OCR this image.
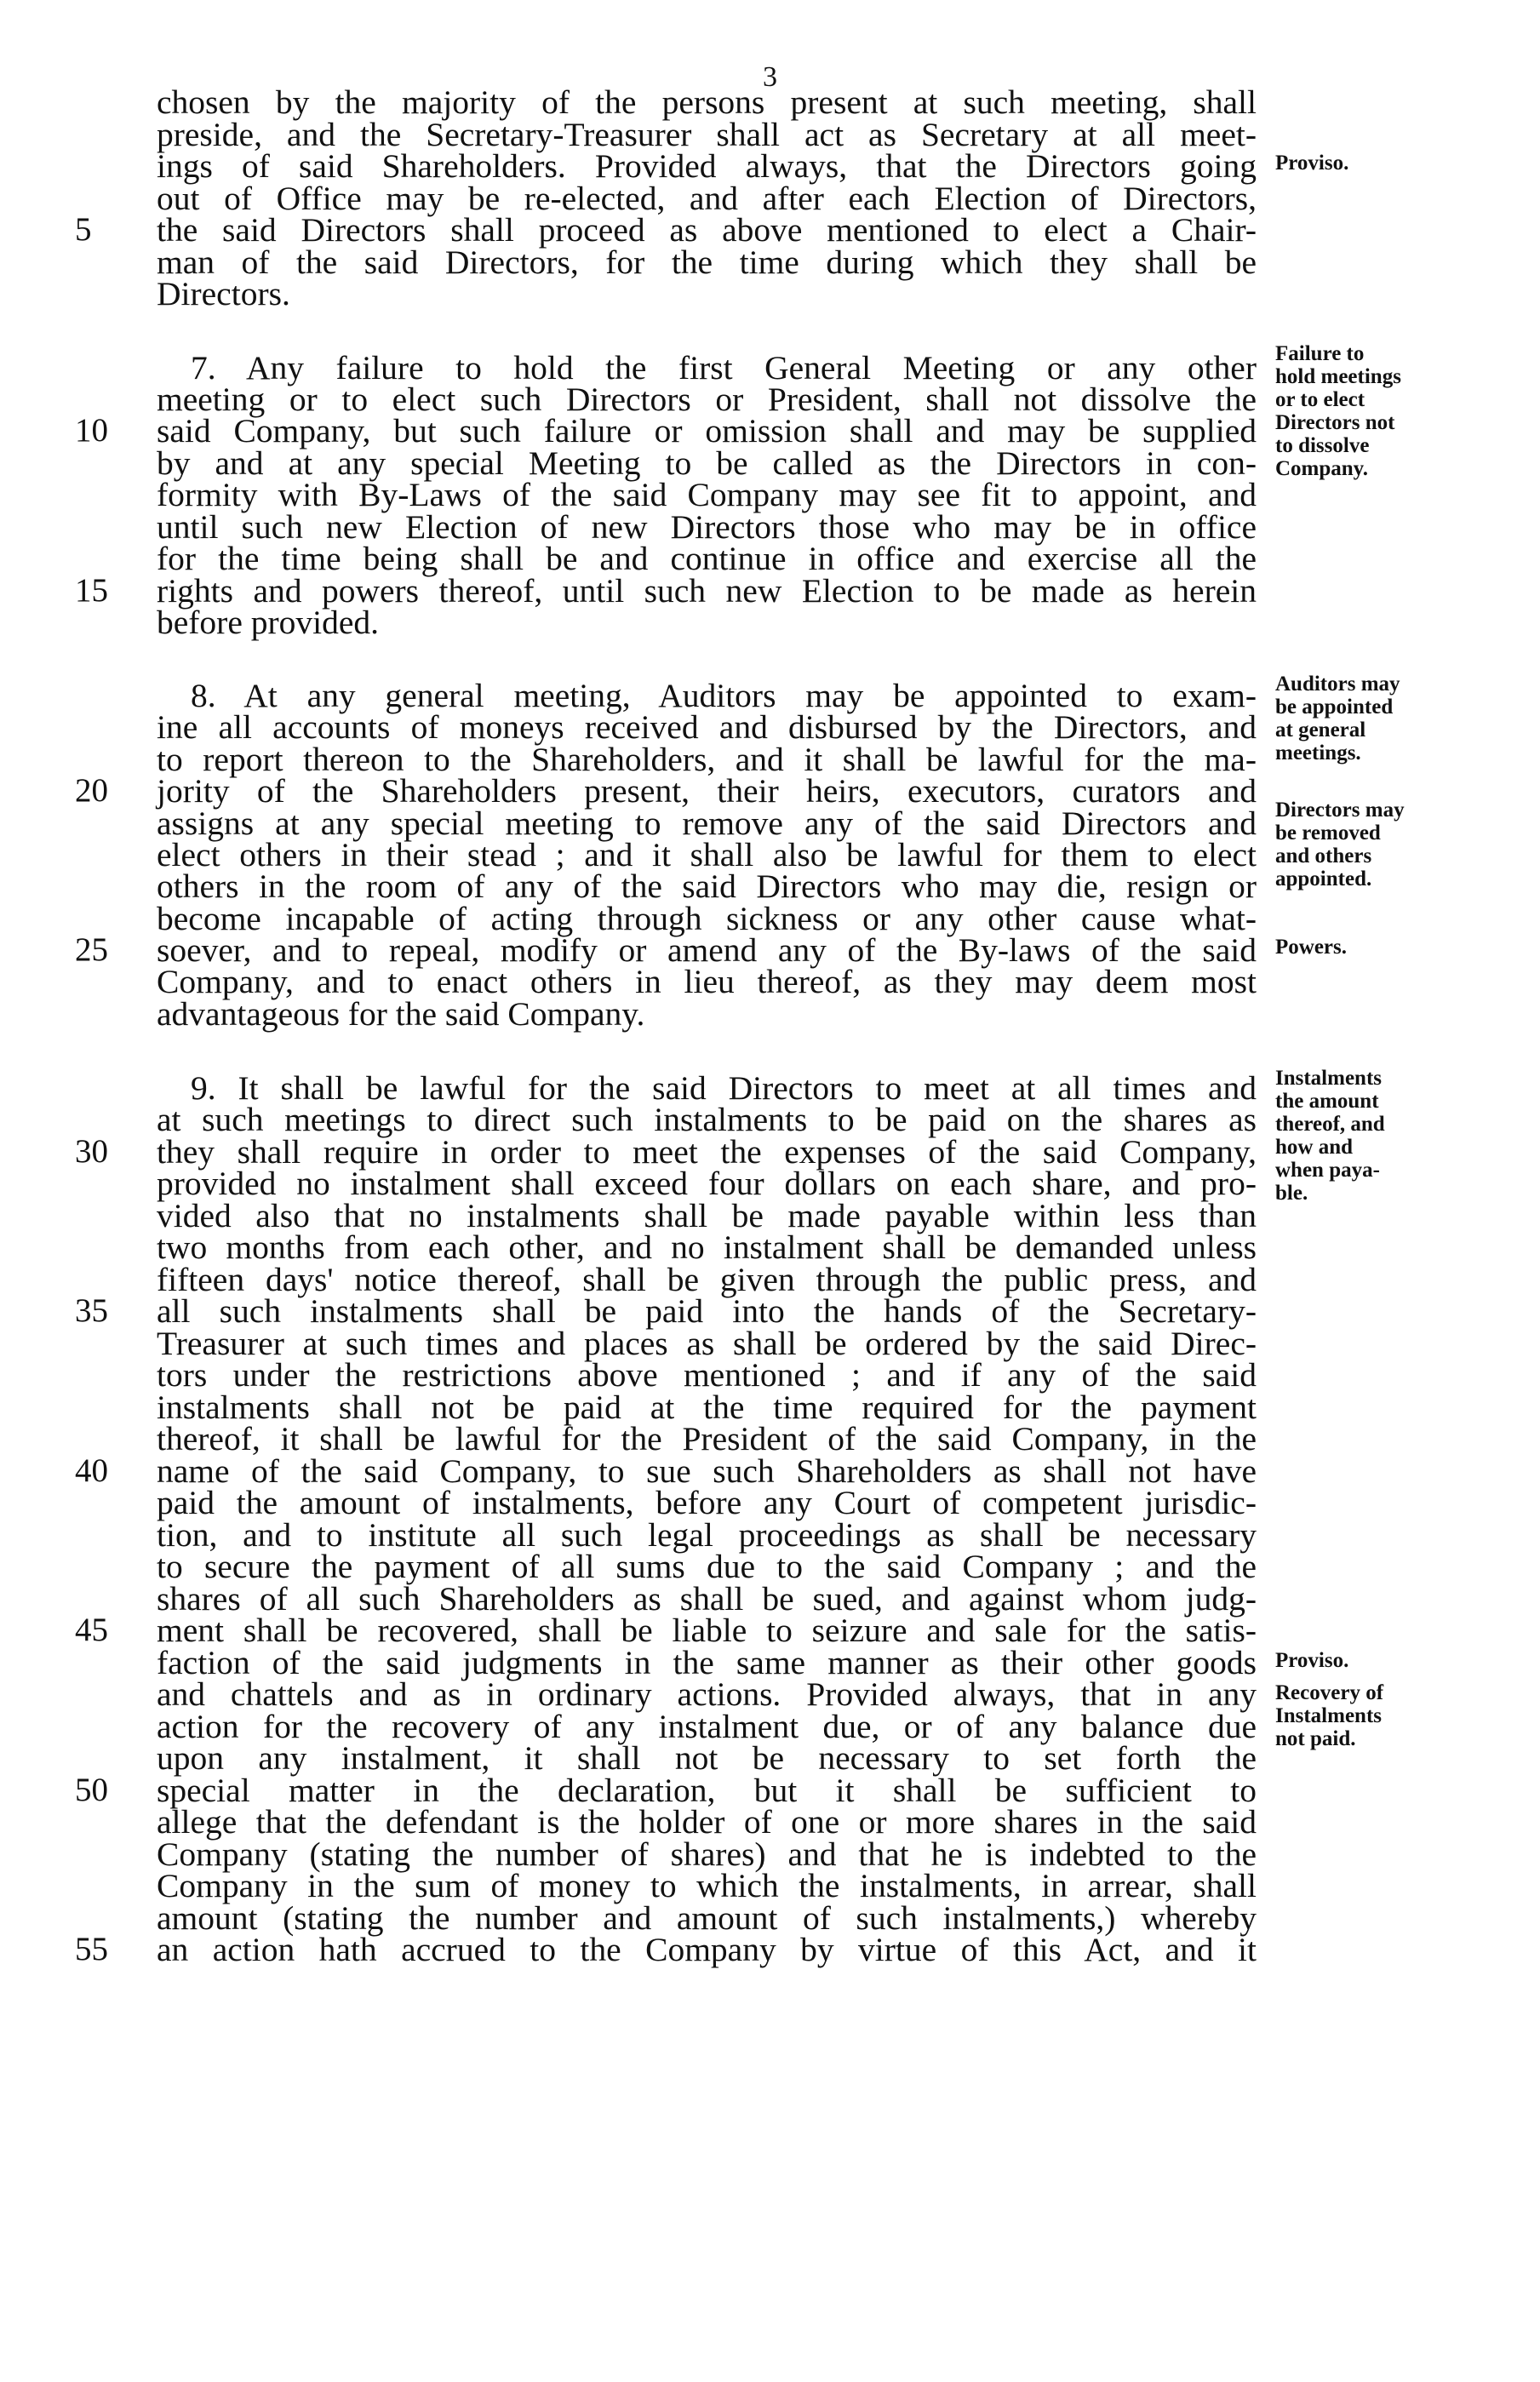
3
chosen by the majority of the persons present at such meeting, shall
preside, and the Secretary-Treasurer shall act as Secretary at all meet-
ings of said Shareholders. Provided always, that the Directors going
out of Office may be re-elected, and after each Election of Directors,
the said Directors shall proceed as above mentioned to elect a Chair-
man of the said Directors, for the time during which they shall be
Directors.
7. Any failure to hold the first General Meeting or any other
meeting or to elect such Directors or President, shall not dissolve the
said Company, but such failure or omission shall and may be supplied
by and at any special Meeting to be called as the Directors in con-
formity with By-Laws of the said Company may see fit to appoint, and
until such new Election of new Directors those who may be in office
for the time being shall be and continue in office and exercise all the
rights and powers thereof, until such new Election to be made as herein
before provided.
8. At any general meeting, Auditors may be appointed to exam-
ine all accounts of moneys received and disbursed by the Directors, and
to report thereon to the Shareholders, and it shall be lawful for the ma-
jority of the Shareholders present, their heirs, executors, curators and
assigns at any special meeting to remove any of the said Directors and
elect others in their stead ; and it shall also be lawful for them to elect
others in the room of any of the said Directors who may die, resign or
become incapable of acting through sickness or any other cause what-
soever, and to repeal, modify or amend any of the By-laws of the said
Company, and to enact others in lieu thereof, as they may deem most
advantageous for the said Company.
9. It shall be lawful for the said Directors to meet at all times and
at such meetings to direct such instalments to be paid on the shares as
they shall require in order to meet the expenses of the said Company,
provided no instalment shall exceed four dollars on each share, and pro-
vided also that no instalments shall be made payable within less than
two months from each other, and no instalment shall be demanded unless
fifteen days' notice thereof, shall be given through the public press, and
all such instalments shall be paid into the hands of the Secretary-
Treasurer at such times and places as shall be ordered by the said Direc-
tors under the restrictions above mentioned ; and if any of the said
instalments shall not be paid at the time required for the payment
thereof, it shall be lawful for the President of the said Company, in the
name of the said Company, to sue such Shareholders as shall not have
paid the amount of instalments, before any Court of competent jurisdic-
tion, and to institute all such legal proceedings as shall be necessary
to secure the payment of all sums due to the said Company ; and the
shares of all such Shareholders as shall be sued, and against whom judg-
ment shall be recovered, shall be liable to seizure and sale for the satis-
faction of the said judgments in the same manner as their other goods
and chattels and as in ordinary actions. Provided always, that in any
action for the recovery of any instalment due, or of any balance due
upon any instalment, it shall not be necessary to set forth the
special matter in the declaration, but it shall be sufficient to
allege that the defendant is the holder of one or more shares in the said
Company (stating the number of shares) and that he is indebted to the
Company in the sum of money to which the instalments, in arrear, shall
amount (stating the number and amount of such instalments,) whereby
an action hath accrued to the Company by virtue of this Act, and it
5
10
15
20
25
30
35
40
45
50
55
Proviso.
Failure to
hold meetings
or to elect
Directors not
to dissolve
Company.
Auditors may
be appointed
at general
meetings.
Directors may
be removed
and others
appointed.
Powers.
Instalments
the amount
thereof, and
how and
when paya-
ble.
Proviso.
Recovery of
Instalments
not paid.
